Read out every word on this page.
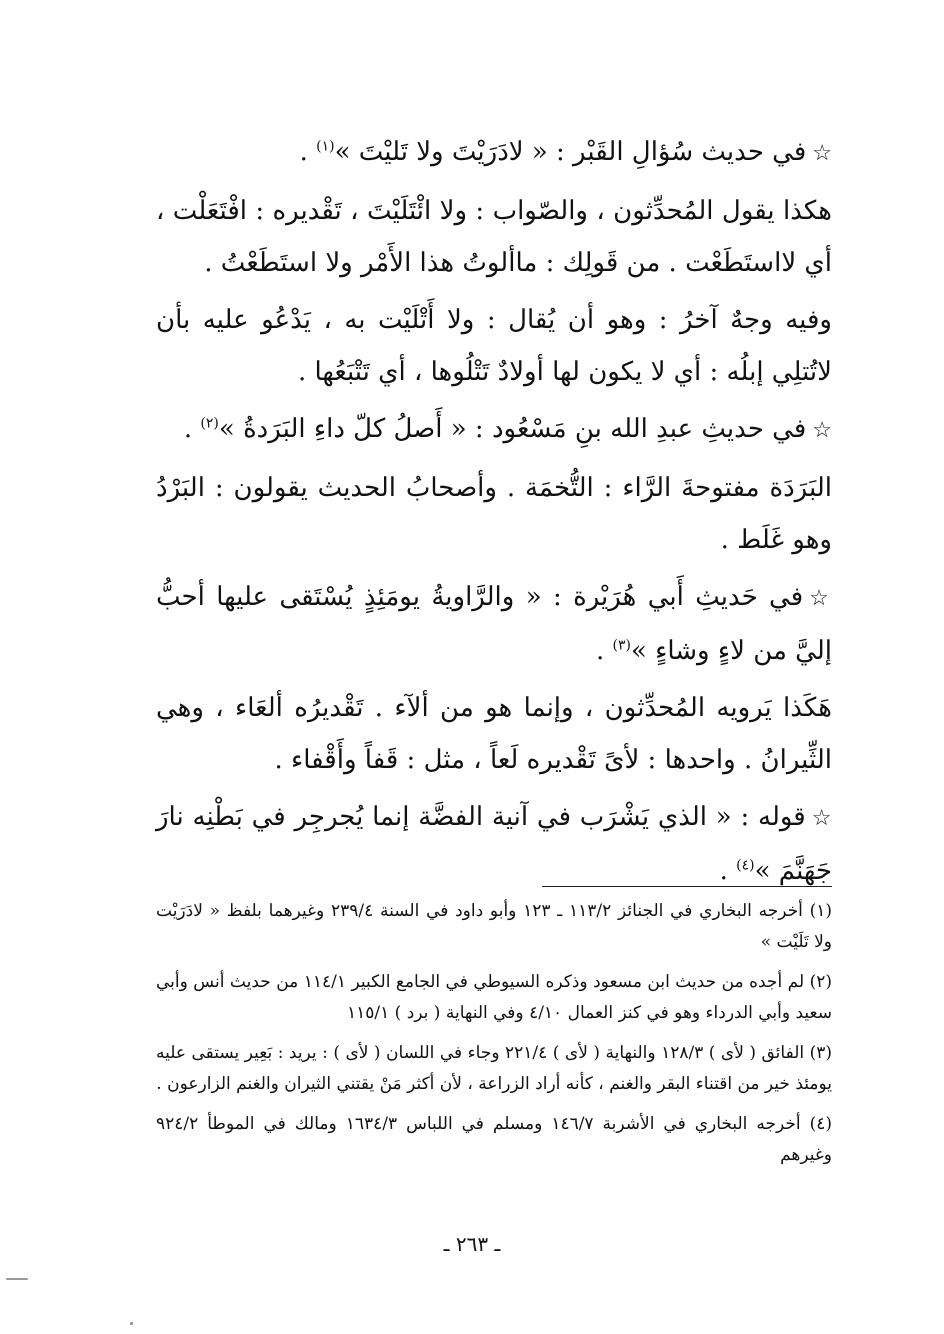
☆في حديث سُؤالِ القَبْر : « لادَرَيْتَ ولا تَليْتَ »$^{(١)}$ .

هكذا يقول المُحدِّثون ، والصّواب : ولا ائْتَلَيْتَ ، تَقْديره : افْتَعَلْت ، أي لااستَطَعْت . من قَولِك : ماألوتُ هذا الأَمْر ولا استَطَعْتُ .

وفيه وجهٌ آخرُ : وهو أن يُقال : ولا أَتْلَيْت به ، يَدْعُو عليه بأن لاتُتلِي إبلُه : أي لا يكون لها أولادٌ تَتْلُوها ، أي تَتْبَعُها .

☆في حديثِ عبدِ الله بنِ مَسْعُود : « أَصلُ كلّ داءِ البَرَدةُ »$^{(٢)}$ .

البَرَدَة مفتوحةَ الرَّاء : التُّخمَة . وأصحابُ الحديث يقولون : البَرْدُ وهو غَلَط .

☆في حَديثِ أَبي هُرَيْرة : « والرَّاويةُ يومَئِذٍ يُسْتَقى عليها أحبُّ إليَّ من لاءٍ وشاءٍ »$^{(٣)}$ .

هَكَذا يَرويه المُحدِّثون ، وإنما هو من ألآء . تَقْديرُه ألعَاء ، وهي الثِّيرانُ . واحدها : لأىً تَقْديره لَعاً ، مثل : قَفاً وأَقْفاء .

☆قوله : « الذي يَشْرَب في آنية الفضَّة إنما يُجرجِر في بَطْنِه نارَ جَهَنَّمَ »$^{(٤)}$ .

(١) أخرجه البخاري في الجنائز ١١٣/٢ ـ ١٢٣ وأبو داود في السنة ٢٣٩/٤ وغيرهما بلفظ « لادَرَيْت ولا تَلَيْت »

(٢) لم أجده من حديث ابن مسعود وذكره السيوطي في الجامع الكبير ١١٤/١ من حديث أنس وأبي سعيد وأبي الدرداء وهو في كنز العمال ٤/١٠ وفي النهاية ( برد ) ١١٥/١

(٣) الفائق ( لأى ) ١٢٨/٣ والنهاية ( لأى ) ٢٢١/٤ وجاء في اللسان ( لأى ) : يريد : بَعِير يستقى عليه يومئذ خير من اقتناء البقر والغنم ، كأنه أراد الزراعة ، لأن أكثر مَنْ يقتني الثيران والغنم الزارعون .

(٤) أخرجه البخاري في الأشربة ١٤٦/٧ ومسلم في اللباس ١٦٣٤/٣ ومالك في الموطأ ٩٢٤/٢ وغيرهم

ـ ٢٦٣ ـ
